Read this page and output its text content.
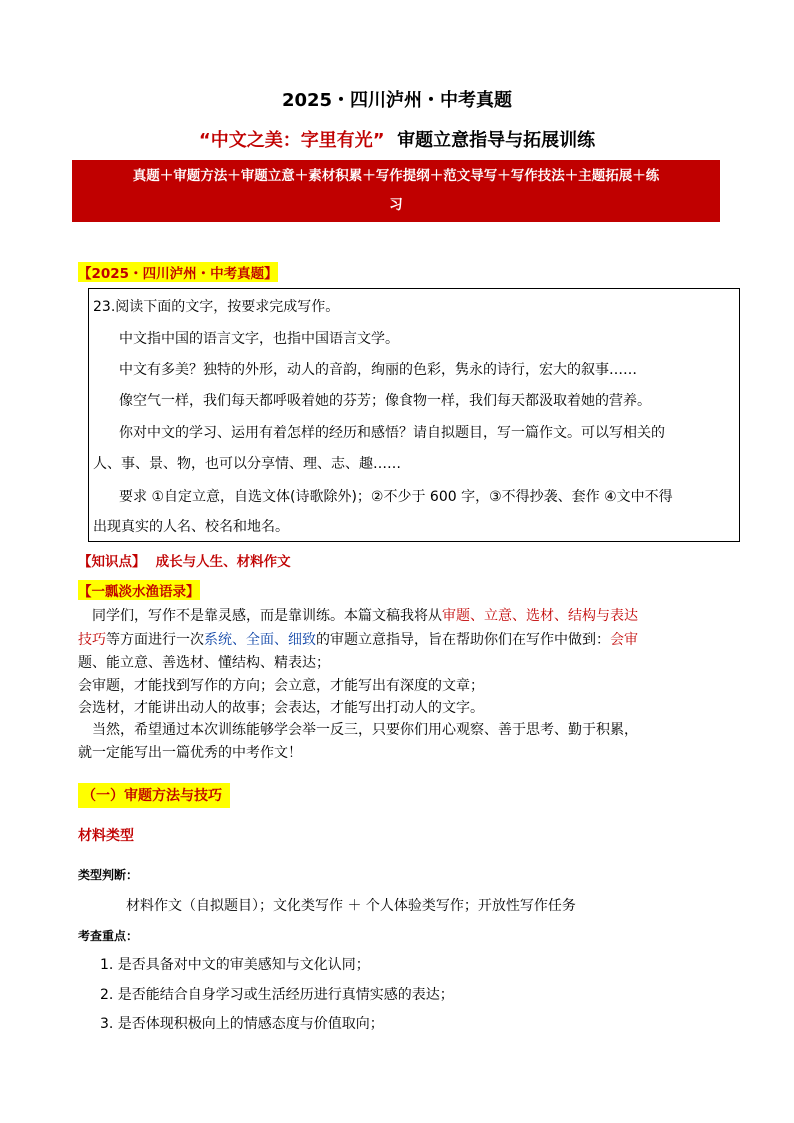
2025・四川泸州・中考真题
“中文之美：字里有光” 审题立意指导与拓展训练
真题＋审题方法＋审题立意＋素材积累＋写作提纲＋范文导写＋写作技法＋主题拓展＋练
习
【2025・四川泸州・中考真题】

23.阅读下面的文字，按要求完成写作。

中文指中国的语言文字，也指中国语言文学。

中文有多美？独特的外形，动人的音韵，绚丽的色彩，隽永的诗行，宏大的叙事……

像空气一样，我们每天都呼吸着她的芬芳；像食物一样，我们每天都汲取着她的营养。

你对中文的学习、运用有着怎样的经历和感悟？请自拟题目，写一篇作文。可以写相关的

人、事、景、物，也可以分享情、理、志、趣……

要求 ①自定立意，自选文体(诗歌除外)；②不少于 600 字，③不得抄袭、套作 ④文中不得

出现真实的人名、校名和地名。

【知识点】 成长与人生、材料作文
【一瓢淡水渔语录】
同学们，写作不是靠灵感，而是靠训练。本篇文稿我将从审题、立意、选材、结构与表达
技巧等方面进行一次系统、全面、细致的审题立意指导，旨在帮助你们在写作中做到：会审
题、能立意、善选材、懂结构、精表达；
会审题，才能找到写作的方向；会立意，才能写出有深度的文章；
会选材，才能讲出动人的故事；会表达，才能写出打动人的文字。
当然，希望通过本次训练能够学会举一反三，只要你们用心观察、善于思考、勤于积累，
就一定能写出一篇优秀的中考作文！
（一）审题方法与技巧
材料类型
类型判断：
材料作文（自拟题目）；文化类写作 ＋ 个人体验类写作；开放性写作任务
考查重点：
1. 是否具备对中文的审美感知与文化认同；
2. 是否能结合自身学习或生活经历进行真情实感的表达；
3. 是否体现积极向上的情感态度与价值取向；
